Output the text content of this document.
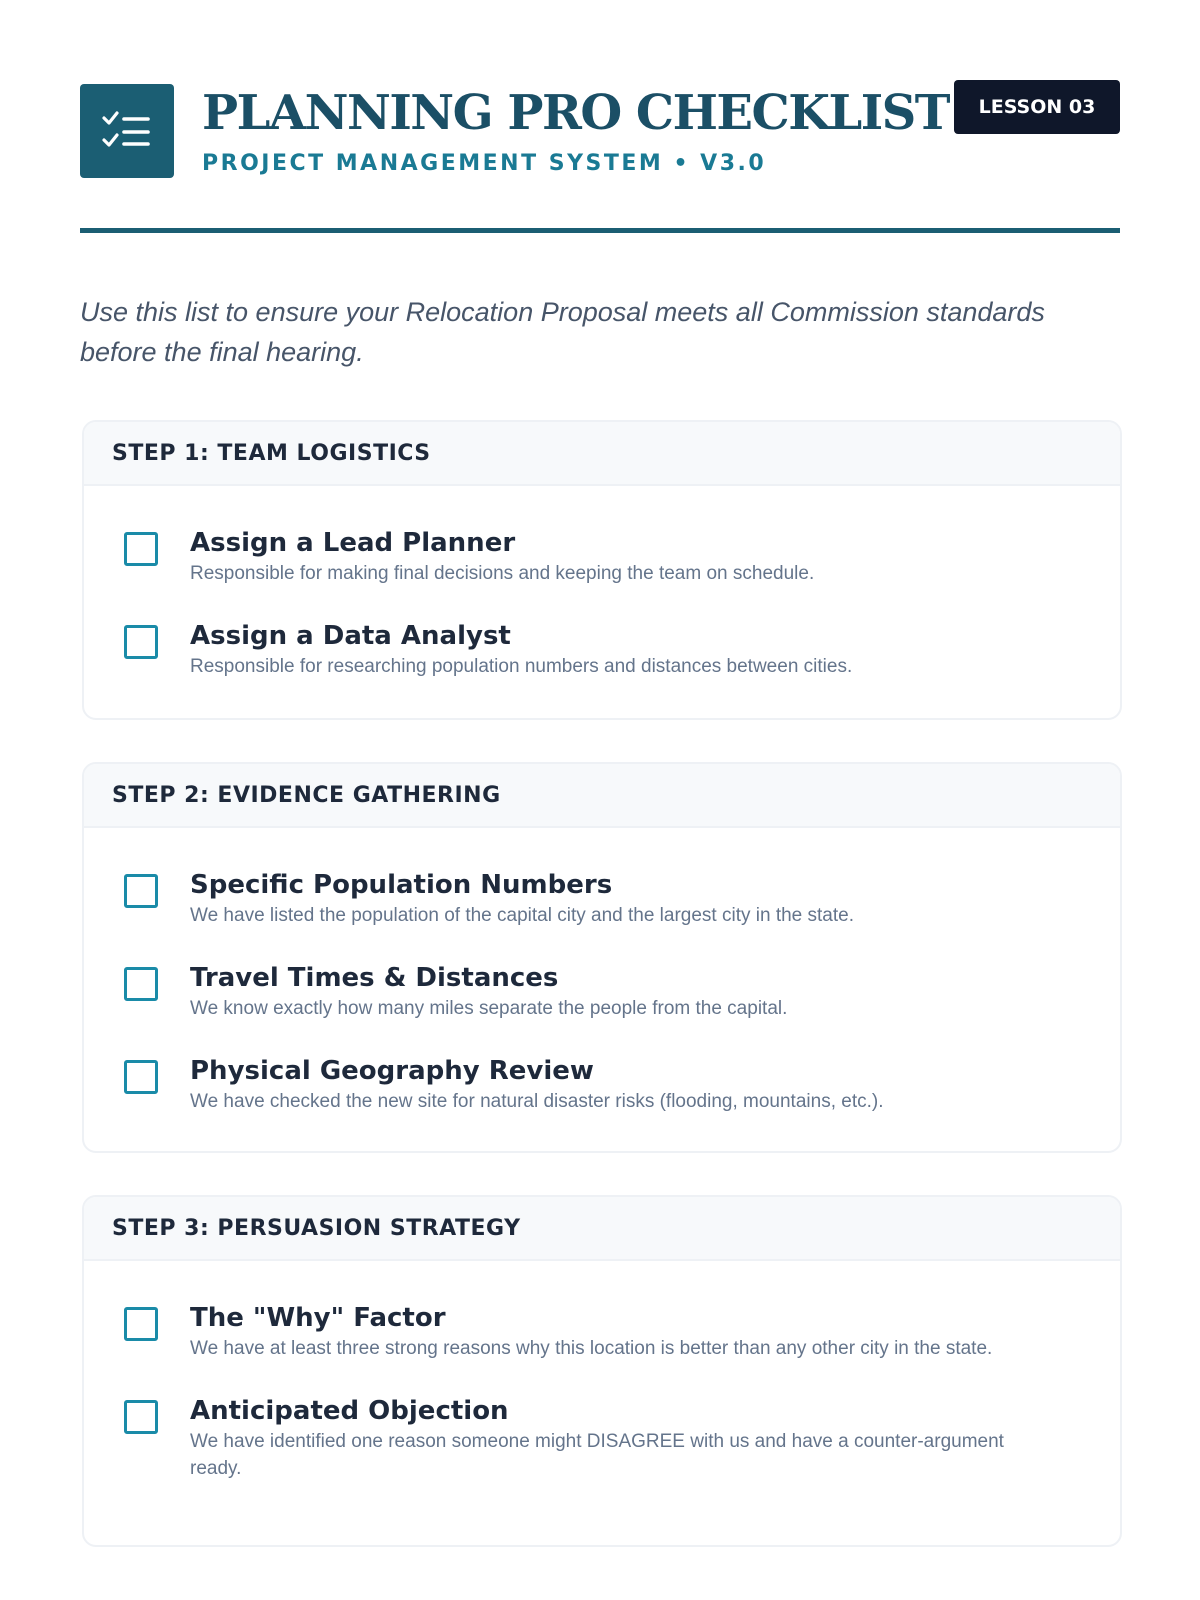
PLANNING PRO CHECKLIST
PROJECT MANAGEMENT SYSTEM • V3.0
LESSON 03
Use this list to ensure your Relocation Proposal meets all Commission standards before the final hearing.
STEP 1: TEAM LOGISTICS
Assign a Lead Planner
Responsible for making final decisions and keeping the team on schedule.
Assign a Data Analyst
Responsible for researching population numbers and distances between cities.
STEP 2: EVIDENCE GATHERING
Specific Population Numbers
We have listed the population of the capital city and the largest city in the state.
Travel Times & Distances
We know exactly how many miles separate the people from the capital.
Physical Geography Review
We have checked the new site for natural disaster risks (flooding, mountains, etc.).
STEP 3: PERSUASION STRATEGY
The "Why" Factor
We have at least three strong reasons why this location is better than any other city in the state.
Anticipated Objection
We have identified one reason someone might DISAGREE with us and have a counter-argument ready.
